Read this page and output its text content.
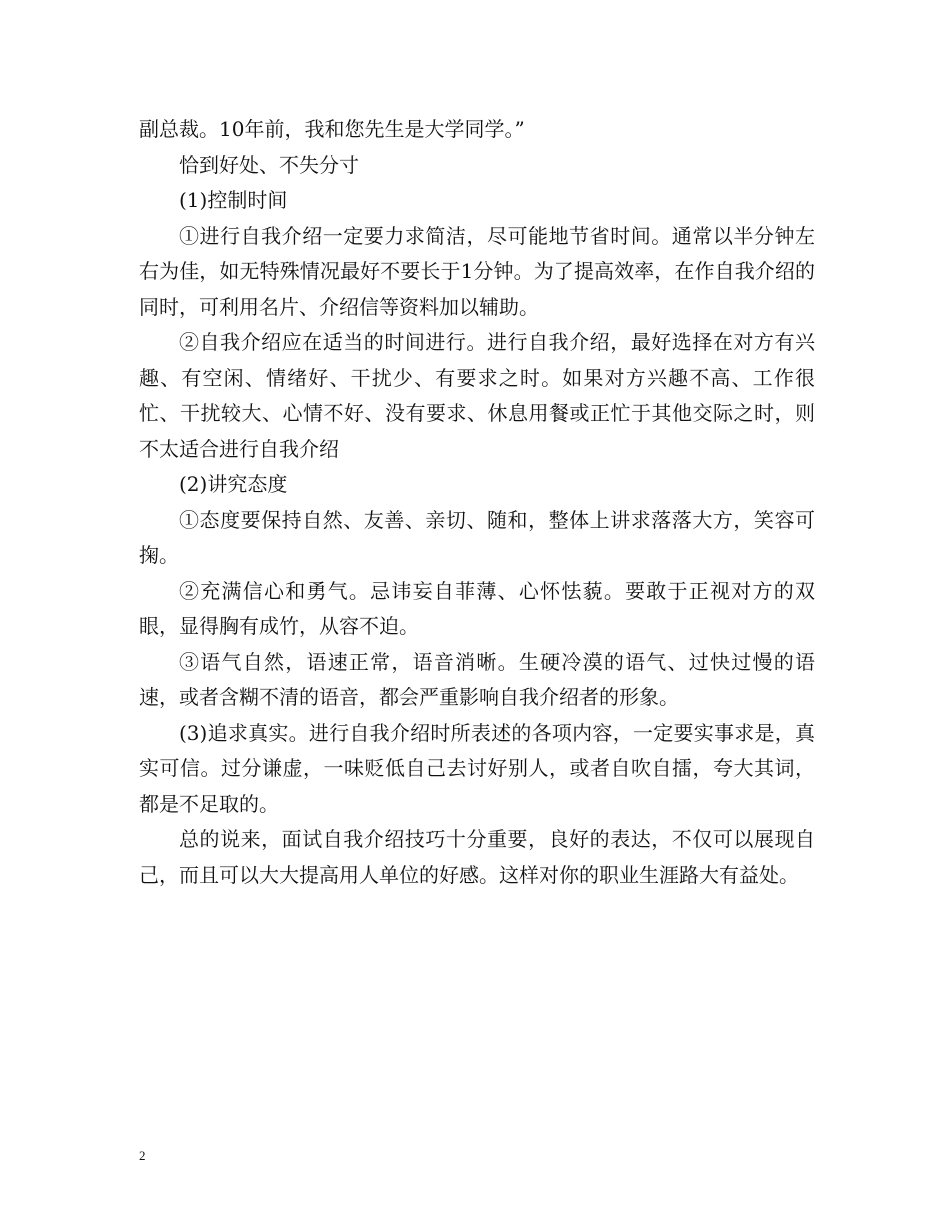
副总裁。10年前，我和您先生是大学同学。”

恰到好处、不失分寸

(1)控制时间

①进行自我介绍一定要力求简洁，尽可能地节省时间。通常以半分钟左右为佳，如无特殊情况最好不要长于1分钟。为了提高效率，在作自我介绍的同时，可利用名片、介绍信等资料加以辅助。

②自我介绍应在适当的时间进行。进行自我介绍，最好选择在对方有兴趣、有空闲、情绪好、干扰少、有要求之时。如果对方兴趣不高、工作很忙、干扰较大、心情不好、没有要求、休息用餐或正忙于其他交际之时，则不太适合进行自我介绍

(2)讲究态度

①态度要保持自然、友善、亲切、随和，整体上讲求落落大方，笑容可掬。

②充满信心和勇气。忌讳妄自菲薄、心怀怯藐。要敢于正视对方的双眼，显得胸有成竹，从容不迫。

③语气自然，语速正常，语音消晰。生硬冷漠的语气、过快过慢的语速，或者含糊不清的语音，都会严重影响自我介绍者的形象。

(3)追求真实。进行自我介绍时所表述的各项内容，一定要实事求是，真实可信。过分谦虚，一味贬低自己去讨好别人，或者自吹自擂，夸大其词，都是不足取的。

总的说来，面试自我介绍技巧十分重要，良好的表达，不仅可以展现自己，而且可以大大提高用人单位的好感。这样对你的职业生涯路大有益处。

2
